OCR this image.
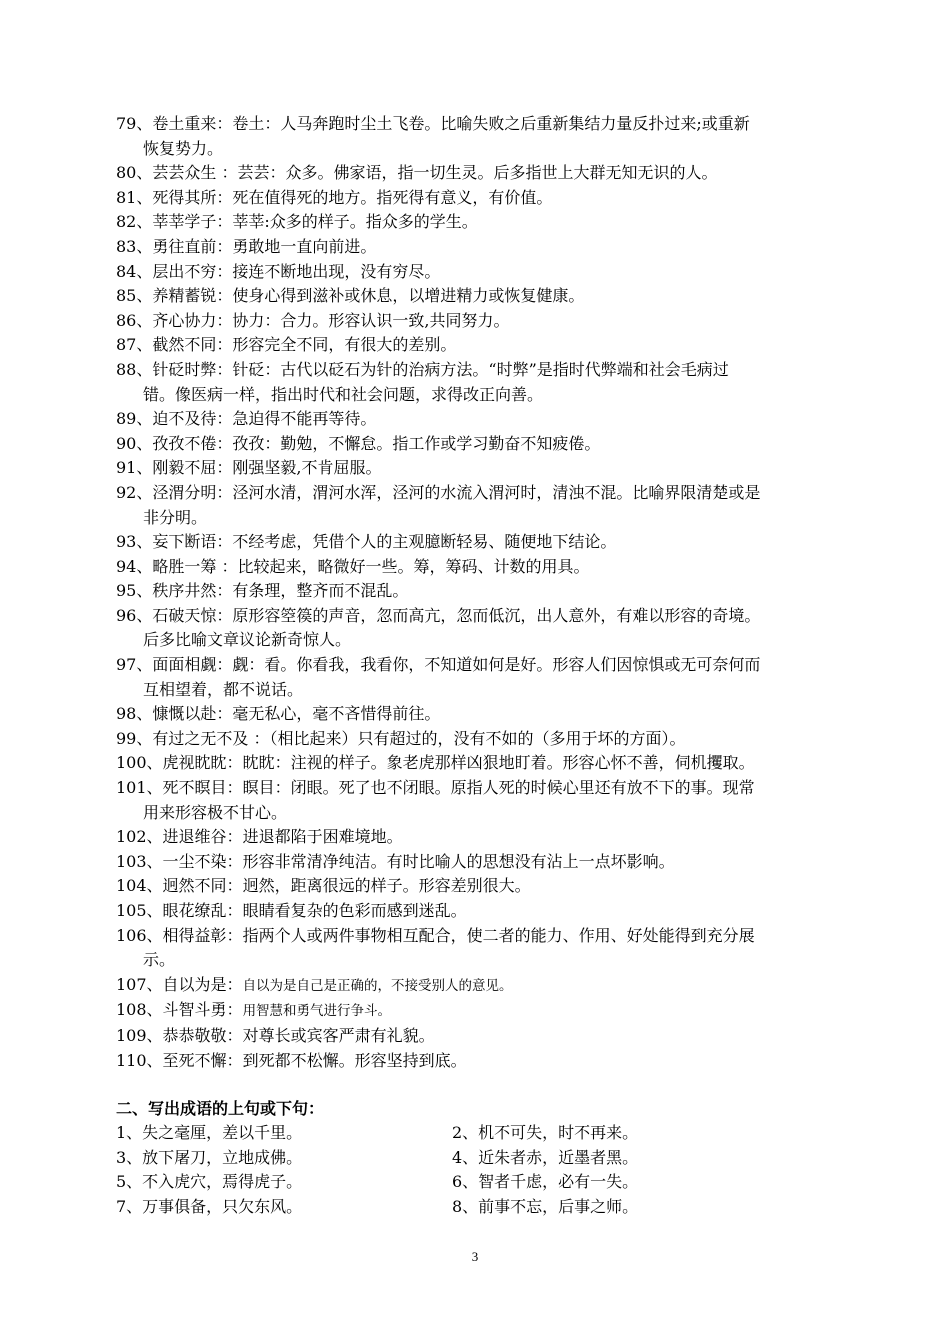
79、卷土重来：卷土：人马奔跑时尘土飞卷。比喻失败之后重新集结力量反扑过来;或重新
恢复势力。
80、芸芸众生 ：芸芸：众多。佛家语，指一切生灵。后多指世上大群无知无识的人。
81、死得其所：死在值得死的地方。指死得有意义，有价值。
82、莘莘学子：莘莘:众多的样子。指众多的学生。
83、勇往直前：勇敢地一直向前进。
84、层出不穷：接连不断地出现，没有穷尽。
85、养精蓄锐：使身心得到滋补或休息，以增进精力或恢复健康。
86、齐心协力：协力：合力。形容认识一致,共同努力。
87、截然不同：形容完全不同，有很大的差别。
88、针砭时弊：针砭：古代以砭石为针的治病方法。“时弊”是指时代弊端和社会毛病过
错。像医病一样，指出时代和社会问题，求得改正向善。
89、迫不及待：急迫得不能再等待。
90、孜孜不倦：孜孜：勤勉，不懈怠。指工作或学习勤奋不知疲倦。
91、刚毅不屈：刚强坚毅,不肯屈服。
92、泾渭分明：泾河水清，渭河水浑，泾河的水流入渭河时，清浊不混。比喻界限清楚或是
非分明。
93、妄下断语：不经考虑，凭借个人的主观臆断轻易、随便地下结论。
94、略胜一筹 ：比较起来，略微好一些。筹，筹码、计数的用具。
95、秩序井然：有条理，整齐而不混乱。
96、石破天惊：原形容箜篌的声音，忽而高亢，忽而低沉，出人意外，有难以形容的奇境。
后多比喻文章议论新奇惊人。
97、面面相觑：觑：看。你看我，我看你，不知道如何是好。形容人们因惊惧或无可奈何而
互相望着，都不说话。
98、慷慨以赴：毫无私心，毫不吝惜得前往。
99、有过之无不及 ：（相比起来）只有超过的，没有不如的（多用于坏的方面）。
100、虎视眈眈：眈眈：注视的样子。象老虎那样凶狠地盯着。形容心怀不善，伺机攫取。
101、死不瞑目：瞑目：闭眼。死了也不闭眼。原指人死的时候心里还有放不下的事。现常
用来形容极不甘心。
102、进退维谷：进退都陷于困难境地。
103、一尘不染：形容非常清净纯洁。有时比喻人的思想没有沾上一点坏影响。
104、迥然不同：迥然，距离很远的样子。形容差别很大。
105、眼花缭乱：眼睛看复杂的色彩而感到迷乱。
106、相得益彰：指两个人或两件事物相互配合，使二者的能力、作用、好处能得到充分展
示。
107、自以为是：自以为是自己是正确的，不接受别人的意见。
108、斗智斗勇：用智慧和勇气进行争斗。
109、恭恭敬敬：对尊长或宾客严肃有礼貌。
110、至死不懈：到死都不松懈。形容坚持到底。
二、写出成语的上句或下句：
1、失之毫厘，差以千里。	2、机不可失，时不再来。
3、放下屠刀，立地成佛。	4、近朱者赤，近墨者黑。
5、不入虎穴，焉得虎子。	6、智者千虑，必有一失。
7、万事俱备，只欠东风。	8、前事不忘，后事之师。
3
